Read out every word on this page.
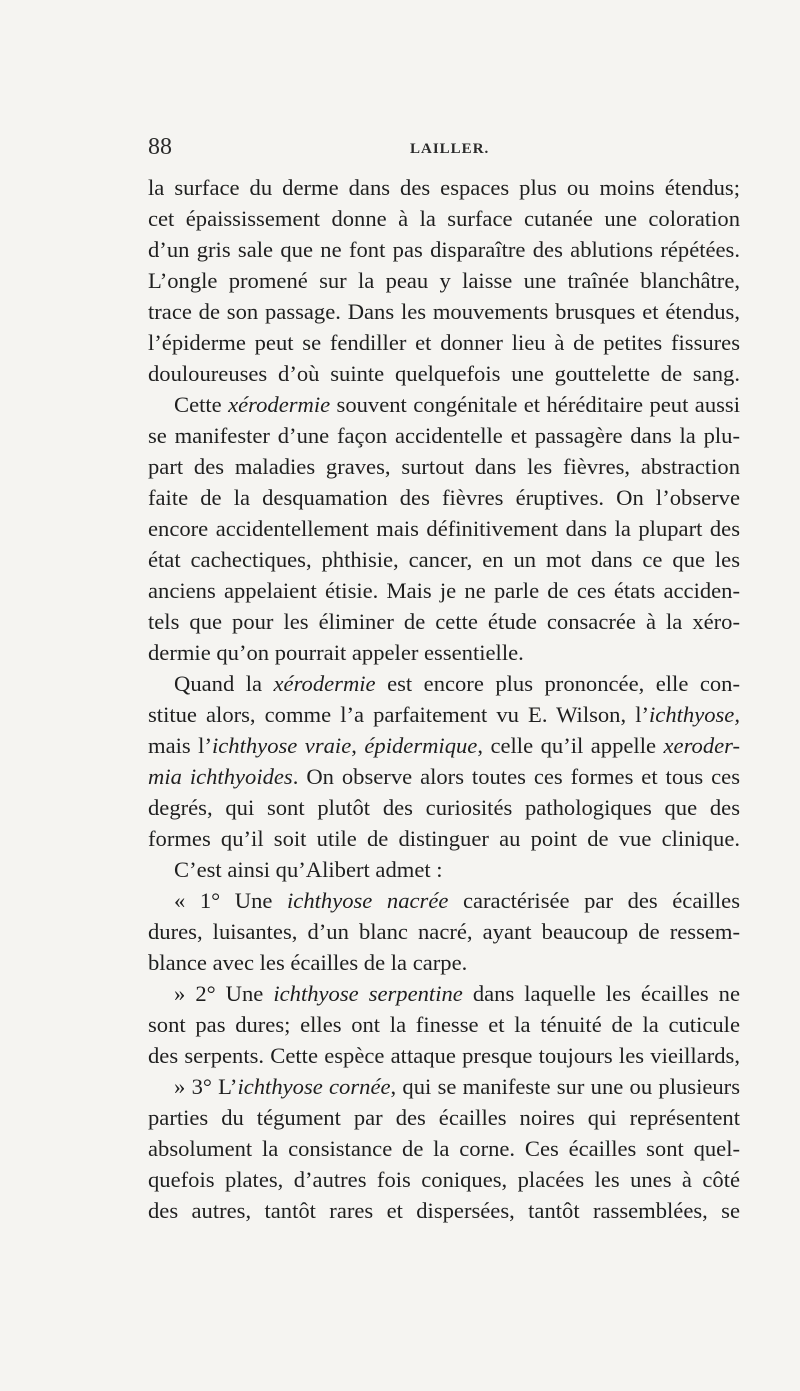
88	LAILLER.
la surface du derme dans des espaces plus ou moins étendus;
cet épaississement donne à la surface cutanée une coloration
d’un gris sale que ne font pas disparaître des ablutions répétées.
L’ongle promené sur la peau y laisse une traînée blanchâtre,
trace de son passage. Dans les mouvements brusques et étendus,
l’épiderme peut se fendiller et donner lieu à de petites fissures
douloureuses d’où suinte quelquefois une gouttelette de sang.
Cette xérodermie souvent congénitale et héréditaire peut aussi
se manifester d’une façon accidentelle et passagère dans la plu-
part des maladies graves, surtout dans les fièvres, abstraction
faite de la desquamation des fièvres éruptives. On l’observe
encore accidentellement mais définitivement dans la plupart des
état cachectiques, phthisie, cancer, en un mot dans ce que les
anciens appelaient étisie. Mais je ne parle de ces états acciden-
tels que pour les éliminer de cette étude consacrée à la xéro-
dermie qu’on pourrait appeler essentielle.
Quand la xérodermie est encore plus prononcée, elle con-
stitue alors, comme l’a parfaitement vu E. Wilson, l’ichthyose,
mais l’ichthyose vraie, épidermique, celle qu’il appelle xeroder-
mia ichthyoides. On observe alors toutes ces formes et tous ces
degrés, qui sont plutôt des curiosités pathologiques que des
formes qu’il soit utile de distinguer au point de vue clinique.
C’est ainsi qu’Alibert admet :
« 1° Une ichthyose nacrée caractérisée par des écailles
dures, luisantes, d’un blanc nacré, ayant beaucoup de ressem-
blance avec les écailles de la carpe.
» 2° Une ichthyose serpentine dans laquelle les écailles ne
sont pas dures; elles ont la finesse et la ténuité de la cuticule
des serpents. Cette espèce attaque presque toujours les vieillards,
» 3° L’ichthyose cornée, qui se manifeste sur une ou plusieurs
parties du tégument par des écailles noires qui représentent
absolument la consistance de la corne. Ces écailles sont quel-
quefois plates, d’autres fois coniques, placées les unes à côté
des autres, tantôt rares et dispersées, tantôt rassemblées, se
